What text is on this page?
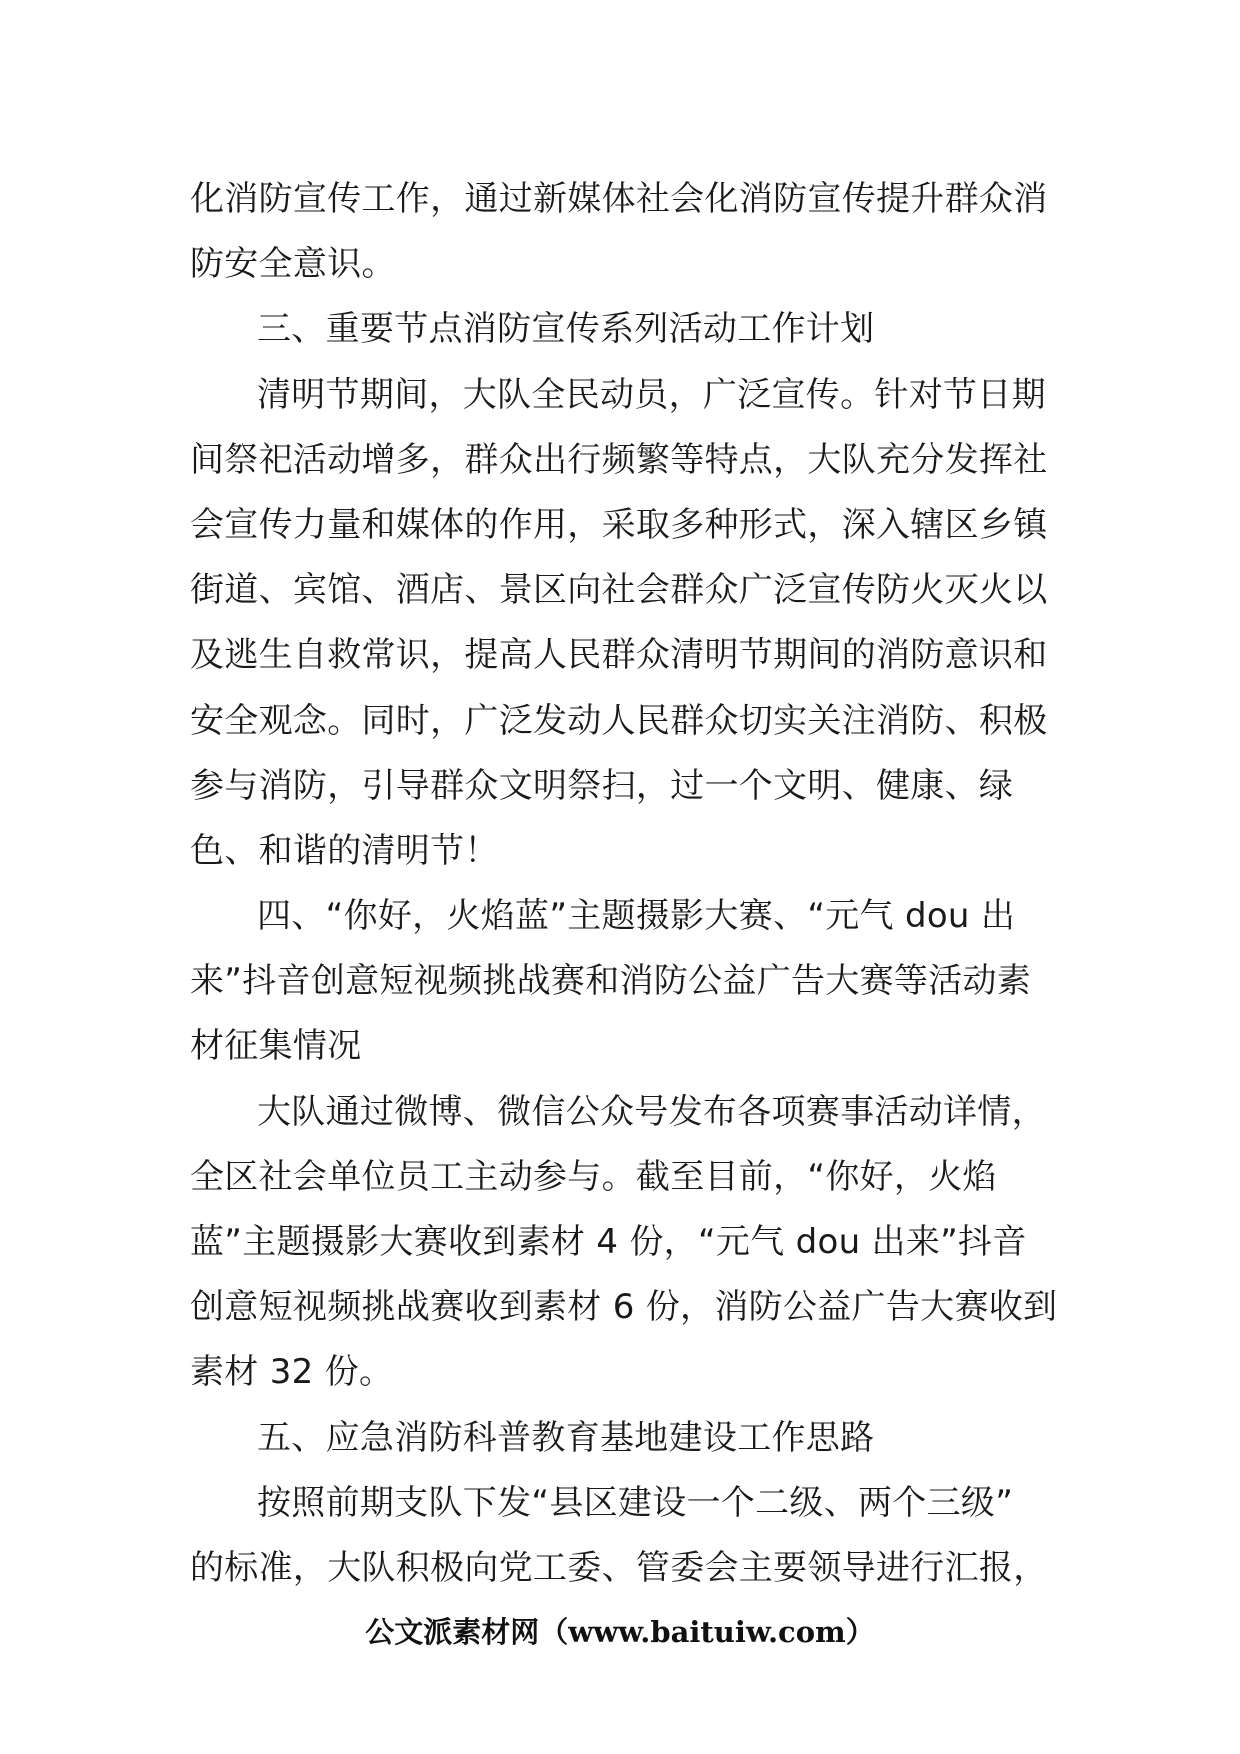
化消防宣传工作，通过新媒体社会化消防宣传提升群众消
防安全意识。
三、重要节点消防宣传系列活动工作计划
清明节期间，大队全民动员，广泛宣传。针对节日期
间祭祀活动增多，群众出行频繁等特点，大队充分发挥社
会宣传力量和媒体的作用，采取多种形式，深入辖区乡镇
街道、宾馆、酒店、景区向社会群众广泛宣传防火灭火以
及逃生自救常识，提高人民群众清明节期间的消防意识和
安全观念。同时，广泛发动人民群众切实关注消防、积极
参与消防，引导群众文明祭扫，过一个文明、健康、绿
色、和谐的清明节！
四、“你好，火焰蓝”主题摄影大赛、“元气 dou 出
来”抖音创意短视频挑战赛和消防公益广告大赛等活动素
材征集情况
大队通过微博、微信公众号发布各项赛事活动详情，
全区社会单位员工主动参与。截至目前，“你好，火焰
蓝”主题摄影大赛收到素材 4 份，“元气 dou 出来”抖音
创意短视频挑战赛收到素材 6 份，消防公益广告大赛收到
素材 32 份。
五、应急消防科普教育基地建设工作思路
按照前期支队下发“县区建设一个二级、两个三级”
的标准，大队积极向党工委、管委会主要领导进行汇报，
公文派素材网（www.baituiw.com）
